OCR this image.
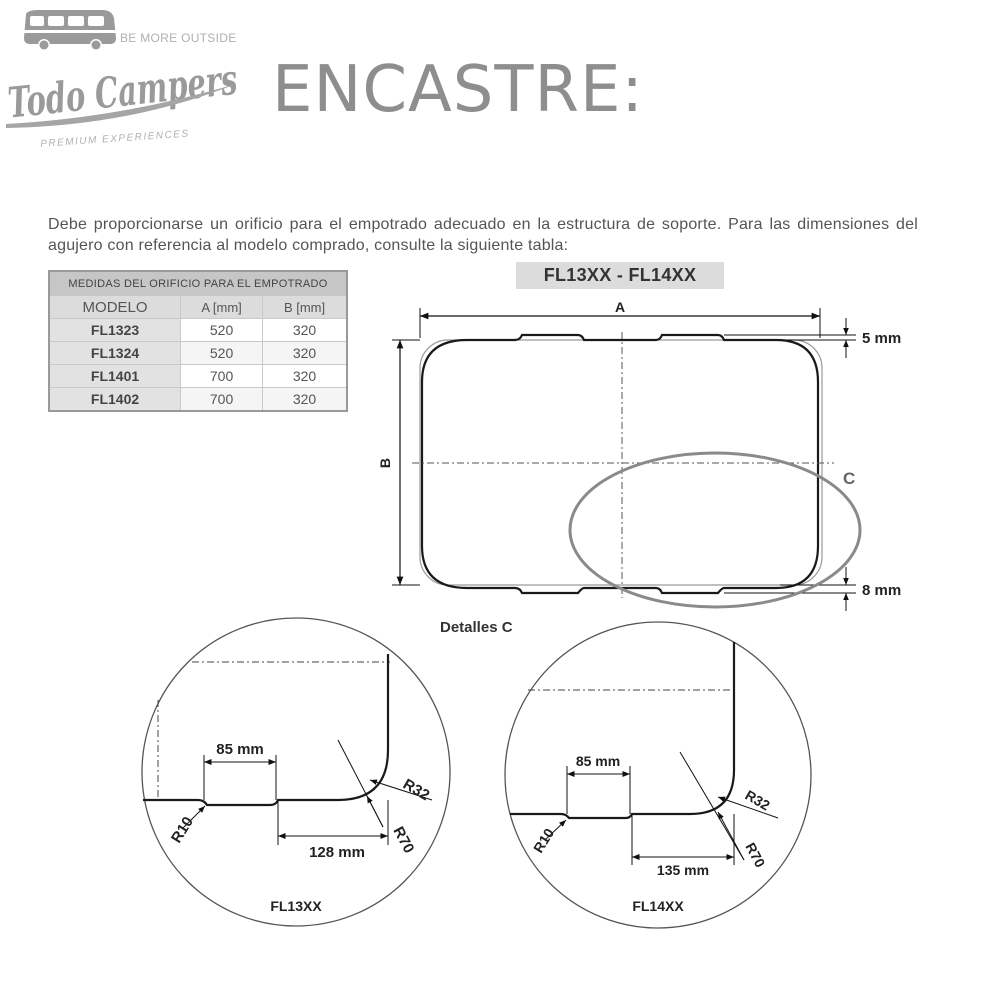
BE MORE OUTSIDE
Todo Campers
PREMIUM EXPERIENCES
ENCASTRE:

Debe proporcionarse un orificio para el empotrado adecuado en la estructura de soporte. Para las dimensiones del agujero con referencia al modelo comprado, consulte la siguiente tabla:

MEDIDAS DEL ORIFICIO PARA EL EMPOTRADO		
MODELO	A [mm]	B [mm]
FL1323	520	320
FL1324	520	320
FL1401	700	320
FL1402	700	320
FL13XX - FL14XX
A
B
5 mm
8 mm
C
Detalles C
85 mm
128 mm
R10
R32
R70
FL13XX
85 mm
135 mm
R10
R32
R70
FL14XX
